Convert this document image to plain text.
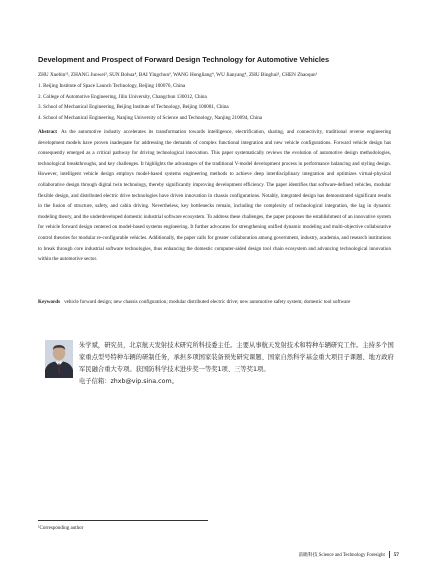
Development and Prospect of Forward Design Technology for Automotive Vehicles
ZHU Xuebin¹², ZHANG Junwei³, SUN Bohua⁴, BAI Yingchun³, WANG Hongliang⁴, WU Jianyang⁴, ZHU Binghui³, CHEN Zhaoqun¹
1. Beijing Institute of Space Launch Technology, Beijing 100076, China
2. College of Automotive Engineering, Jilin University, Changchun 130012, China
3. School of Mechanical Engineering, Beijing Institute of Technology, Beijing 100081, China
4. School of Mechanical Engineering, Nanjing University of Science and Technology, Nanjing 210094, China
Abstract As the automotive industry accelerates its transformation towards intelligence, electrification, sharing, and connectivity, traditional reverse engineering development models have proven inadequate for addressing the demands of complex functional integration and new vehicle configurations. Forward vehicle design has consequently emerged as a critical pathway for driving technological innovation. This paper systematically reviews the evolution of automotive design methodologies, technological breakthroughs, and key challenges. It highlights the advantages of the traditional V-model development process in performance balancing and styling design. However, intelligent vehicle design employs model-based systems engineering methods to achieve deep interdisciplinary integration and optimizes virtual-physical collaborative design through digital twin technology, thereby significantly improving development efficiency. The paper identifies that software-defined vehicles, modular flexible design, and distributed electric drive technologies have driven innovation in chassis configurations. Notably, integrated design has demonstrated significant results in the fusion of structure, safety, and cabin driving. Nevertheless, key bottlenecks remain, including the complexity of technological integration, the lag in dynamic modeling theory, and the underdeveloped domestic industrial software ecosystem. To address these challenges, the paper proposes the establishment of an innovative system for vehicle forward design centered on model-based systems engineering. It further advocates for strengthening unified dynamic modeling and multi-objective collaborative control theories for modular re-configurable vehicles. Additionally, the paper calls for greater collaboration among government, industry, academia, and research institutions to break through core industrial software technologies, thus enhancing the domestic computer-aided design tool chain ecosystem and advancing technological innovation within the automotive sector.
Keywords vehicle forward design; new chassis configuration; modular distributed electric drive; new automotive safety system; domestic tool software
朱学斌，研究员，北京航天发射技术研究所科技委主任。主要从事航天发射技术和特种车辆研究工作。主持多个国家重点型号特种车辆的研制任务，承担多项国家装备预先研究课题、国家自然科学基金重大项目子课题、地方政府军民融合重大专项。获国防科学技术进步奖一等奖1项、三等奖1项。
电子信箱：zhxb@vip.sina.com。
¹Corresponding author
前瞻科技 Science and Technology Foresight 57
